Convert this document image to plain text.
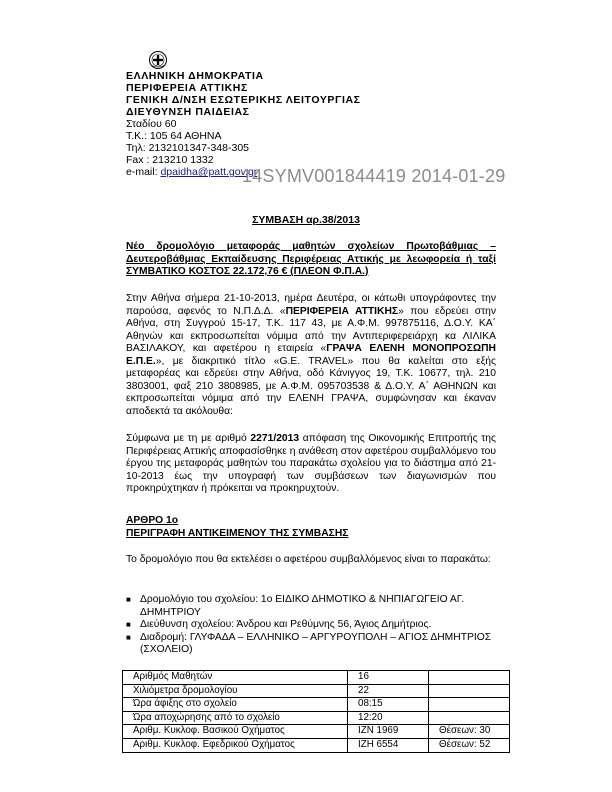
ΕΛΛΗΝΙΚΗ ΔΗΜΟΚΡΑΤΙΑ
ΠΕΡΙΦΕΡΕΙΑ ΑΤΤΙΚΗΣ
ΓΕΝΙΚΗ Δ/ΝΣΗ ΕΣΩΤΕΡΙΚΗΣ ΛΕΙΤΟΥΡΓΙΑΣ
ΔΙΕΥΘΥΝΣΗ ΠΑΙΔΕΙΑΣ
Σταδίου 60
Τ.Κ.: 105 64 ΑΘΗΝΑ
Τηλ: 2132101347-348-305
Fax : 213210 1332
e-mail: dpaidha@patt.gov.gr
14SYMV001844419 2014-01-29
ΣΥΜΒΑΣΗ αρ.38/2013
Νέο δρομολόγιο μεταφοράς μαθητών σχολείων Πρωτοβάθμιας –
Δευτεροβάθμιας Εκπαίδευσης Περιφέρειας Αττικής με λεωφορεία ή ταξί
ΣΥΜΒΑΤΙΚΟ ΚΟΣΤΟΣ 22.172,76 € (ΠΛΕΟΝ Φ.Π.Α.)
Στην Αθήνα σήμερα 21-10-2013, ημέρα Δευτέρα, οι κάτωθι υπογράφοντες την παρούσα, αφενός το Ν.Π.Δ.Δ. «ΠΕΡΙΦΕΡΕΙΑ ΑΤΤΙΚΗΣ» που εδρεύει στην Αθήνα, στη Συγγρού 15-17, Τ.Κ. 117 43, με Α.Φ.Μ. 997875116, Δ.Ο.Υ. ΚΑ΄ Αθηνών και εκπροσωπείται νόμιμα από την Αντιπεριφερειάρχη κα ΛΙΛΙΚΑ ΒΑΣΙΛΑΚΟΥ, και αφετέρου η εταιρεία «ΓΡΑΨΑ ΕΛΕΝΗ ΜΟΝΟΠΡΟΣΩΠΗ Ε.Π.Ε.», με διακριτικό τίτλο «G.E. TRAVEL» που θα καλείται στο εξής μεταφορέας και εδρεύει στην Αθήνα, οδό Κάνιγγος 19, Τ.Κ. 10677, τηλ. 210 3803001, φαξ 210 3808985, με Α.Φ.Μ. 095703538 & Δ.Ο.Υ. Α΄ ΑΘΗΝΩΝ και εκπροσωπείται νόμιμα από την ΕΛΕΝΗ ΓΡΑΨΑ, συμφώνησαν και έκαναν αποδεκτά τα ακόλουθα:
Σύμφωνα με τη με αριθμό 2271/2013 απόφαση της Οικονομικής Επιτροπής της Περιφέρειας Αττικής αποφασίσθηκε η ανάθεση στον αφετέρου συμβαλλόμενο του έργου της μεταφοράς μαθητών του παρακάτω σχολείου για το διάστημα από 21-10-2013 έως την υπογραφή των συμβάσεων των διαγωνισμών που προκηρύχτηκαν ή πρόκειται να προκηρυχτούν.
ΑΡΘΡΟ 1ο
ΠΕΡΙΓΡΑΦΗ ΑΝΤΙΚΕΙΜΕΝΟΥ ΤΗΣ ΣΥΜΒΑΣΗΣ
Το δρομολόγιο που θα εκτελέσει ο αφετέρου συμβαλλόμενος είναι το παρακάτω:
■ Δρομολόγιο του σχολείου: 1ο ΕΙΔΙΚΟ ΔΗΜΟΤΙΚΟ & ΝΗΠΙΑΓΩΓΕΙΟ ΑΓ. ΔΗΜΗΤΡΙΟΥ
■ Διεύθυνση σχολείου: Άνδρου και Ρεθύμνης 56, Άγιος Δημήτριος.
■ Διαδρομή: ΓΛΥΦΑΔΑ – ΕΛΛΗΝΙΚΟ – ΑΡΓΥΡΟΥΠΟΛΗ – ΑΓΙΟΣ ΔΗΜΗΤΡΙΟΣ (ΣΧΟΛΕΙΟ)
Αριθμός Μαθητών	16	
Χιλιόμετρα δρομολογίου	22	
Ώρα άφιξης στο σχολείο	08:15	
Ώρα αποχώρησης από το σχολείο	12:20	
Αριθμ. Κυκλοφ. Βασικού Οχήματος	ΙΖΝ 1969	Θέσεων: 30
Αριθμ. Κυκλοφ. Εφεδρικού Οχήματος	ΙΖΗ 6554	Θέσεων: 52
